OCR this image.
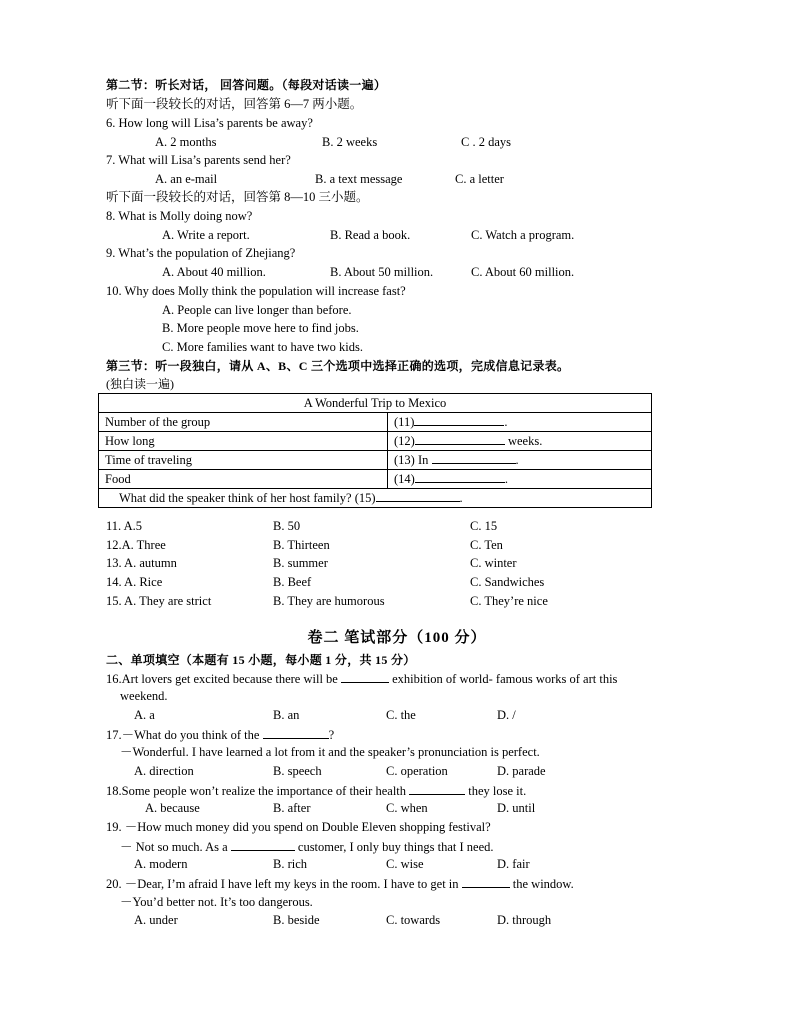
第二节：听长对话， 回答问题。（每段对话读一遍）
听下面一段较长的对话，回答第 6—7 两小题。
6. How long will Lisa’s parents be away?
A. 2 months	B. 2 weeks	C . 2 days
7. What will Lisa’s parents send her?
A. an e-mail	B. a text message	C. a letter
听下面一段较长的对话，回答第 8—10 三小题。
8. What is Molly doing now?
A. Write a report.	B. Read a book.	C. Watch a program.
9. What’s the population of Zhejiang?
A. About 40 million.	B. About 50 million.	C. About 60 million.
10. Why does Molly think the population will increase fast?
A. People can live longer than before.
B. More people move here to find jobs.
C. More families want to have two kids.
第三节：听一段独白，请从 A、B、C 三个选项中选择正确的选项，完成信息记录表。
(独白读一遍)
A Wonderful Trip to Mexico	
Number of the group	(11) .
How long	(12) weeks.
Time of traveling	(13) In .
Food	(14) .
What did the speaker think of her host family? (15) .	
11. A.5	B. 50	C. 15
12.A. Three	B. Thirteen	C. Ten
13. A. autumn	B. summer	C. winter
14. A. Rice	B. Beef	C. Sandwiches
15. A. They are strict	B. They are humorous	C. They’re nice
卷二 笔试部分（100 分）
二、单项填空（本题有 15 小题，每小题 1 分，共 15 分）
16.Art lovers get excited because there will be	exhibition of world- famous works of art this
weekend.
A. a	B. an	C. the	D. /
17.－What do you think of the	?
－Wonderful. I have learned a lot from it and the speaker’s pronunciation is perfect.
A. direction	B. speech	C. operation	D. parade
18.Some people won’t realize the importance of their health	they lose it.
A. because	B. after	C. when	D. until
19. －How much money did you spend on Double Eleven shopping festival?
－ Not so much. As a	customer, I only buy things that I need.
A. modern	B. rich	C. wise	D. fair
20. －Dear, I’m afraid I have left my keys in the room. I have to get in	the window.
－You’d better not. It’s too dangerous.
A. under	B. beside	C. towards	D. through
